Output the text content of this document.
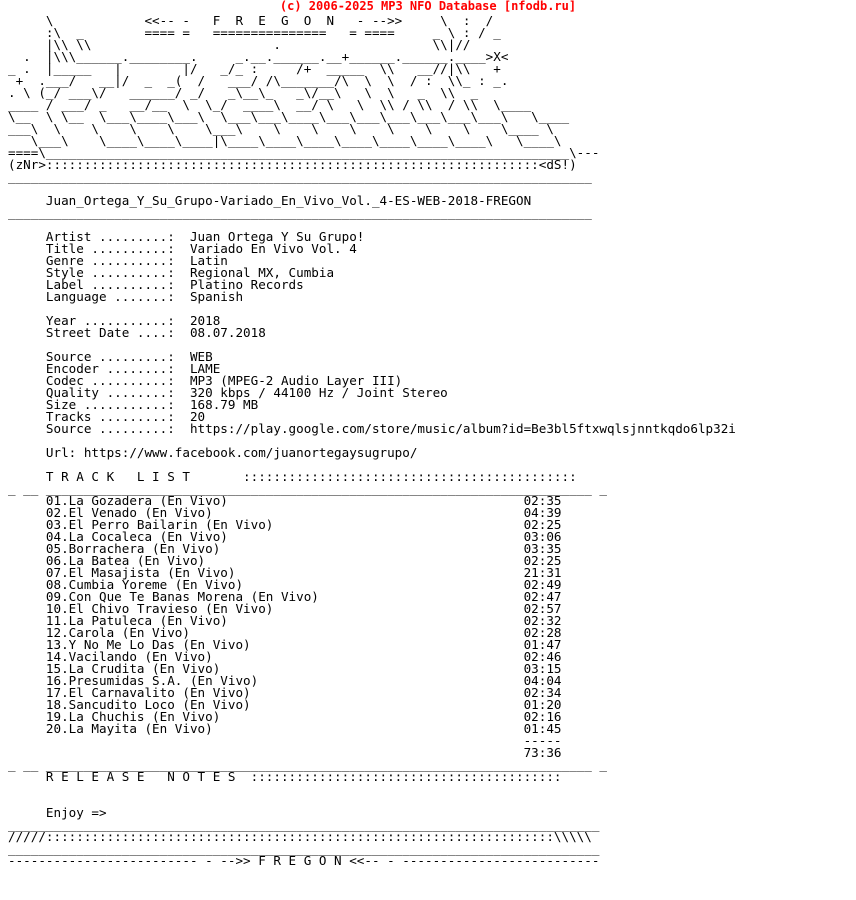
(c) 2006-2025 MP3 NFO Database [nfodb.ru]
\            <<-- -   F  R  E  G  O  N   - -->>     \  :  /
:\  _        ==== =   ===============   = ====     _ \ : / _
|\\ \\                        .                    \\|//
.  |\\\______.________.     _.__.______.__+______.______.____>X<
_ .  |_____   |        |/   _/_ :     /+  _____  \\   __//|\\   +
+  .___/   __|/  _  _(  /   ___/ /\_______/\  \  \  / :  \\_ : _.
. \ (_/ ___\/   ______/ _/   _\__\_   _\/__\   \  \   _  \\  _
____ / ___/ _   __/__  \  \_/  ____\  __/ \   \  \\ / \\  / \\  \____
\__  \ \__  \___\____\___\  \___\___\____\___\___\___\___\___\___\   \____
___\  \    \    \    \    \___\    \    \    \    \    \    \    \____ \
\___\    \____\____\____|\____\____\____\____\____\____\____\   \____\
====\_____________________________________________________________________\---
(zNr>:::::::::::::::::::::::::::::::::::::::::::::::::::::::::::::::::<dS!)
_____________________________________________________________________________

Juan_Ortega_Y_Su_Grupo-Variado_En_Vivo_Vol._4-ES-WEB-2018-FREGON
_____________________________________________________________________________

Artist .........:  Juan Ortega Y Su Grupo!
Title ..........:  Variado En Vivo Vol. 4
Genre ..........:  Latin
Style ..........:  Regional MX, Cumbia
Label ..........:  Platino Records
Language .......:  Spanish

Year ...........:  2018
Street Date ....:  08.07.2018

Source .........:  WEB
Encoder ........:  LAME
Codec ..........:  MP3 (MPEG-2 Audio Layer III)
Quality ........:  320 kbps / 44100 Hz / Joint Stereo
Size ...........:  168.79 MB
Tracks .........:  20
Source .........:  https://play.google.com/store/music/album?id=Be3bl5ftxwqlsjnntkqdo6lp32i

Url: https://www.facebook.com/juanortegaysugrupo/

T R A C K   L I S T       ::::::::::::::::::::::::::::::::::::::::::::
_ __ ________________________________________________________________________ _
01.La Gozadera (En Vivo)                                       02:35
02.El Venado (En Vivo)                                         04:39
03.El Perro Bailarin (En Vivo)                                 02:25
04.La Cocaleca (En Vivo)                                       03:06
05.Borrachera (En Vivo)                                        03:35
06.La Batea (En Vivo)                                          02:25
07.El Masajista (En Vivo)                                      21:31
08.Cumbia Yoreme (En Vivo)                                     02:49
09.Con Que Te Banas Morena (En Vivo)                           02:47
10.El Chivo Travieso (En Vivo)                                 02:57
11.La Patuleca (En Vivo)                                       02:32
12.Carola (En Vivo)                                            02:28
13.Y No Me Lo Das (En Vivo)                                    01:47
14.Vacilando (En Vivo)                                         02:46
15.La Crudita (En Vivo)                                        03:15
16.Presumidas S.A. (En Vivo)                                   04:04
17.El Carnavalito (En Vivo)                                    02:34
18.Sancudito Loco (En Vivo)                                    01:20
19.La Chuchis (En Vivo)                                        02:16
20.La Mayita (En Vivo)                                         01:45
-----
73:36
_ __ ________________________________________________________________________ _
R E L E A S E   N O T E S  :::::::::::::::::::::::::::::::::::::::::

Enjoy =>
______________________________________________________________________________
/////:::::::::::::::::::::::::::::::::::::::::::::::::::::::::::::::::::\\\\\
______________________________________________________________________________
------------------------- - -->> F R E G O N <<-- - --------------------------
